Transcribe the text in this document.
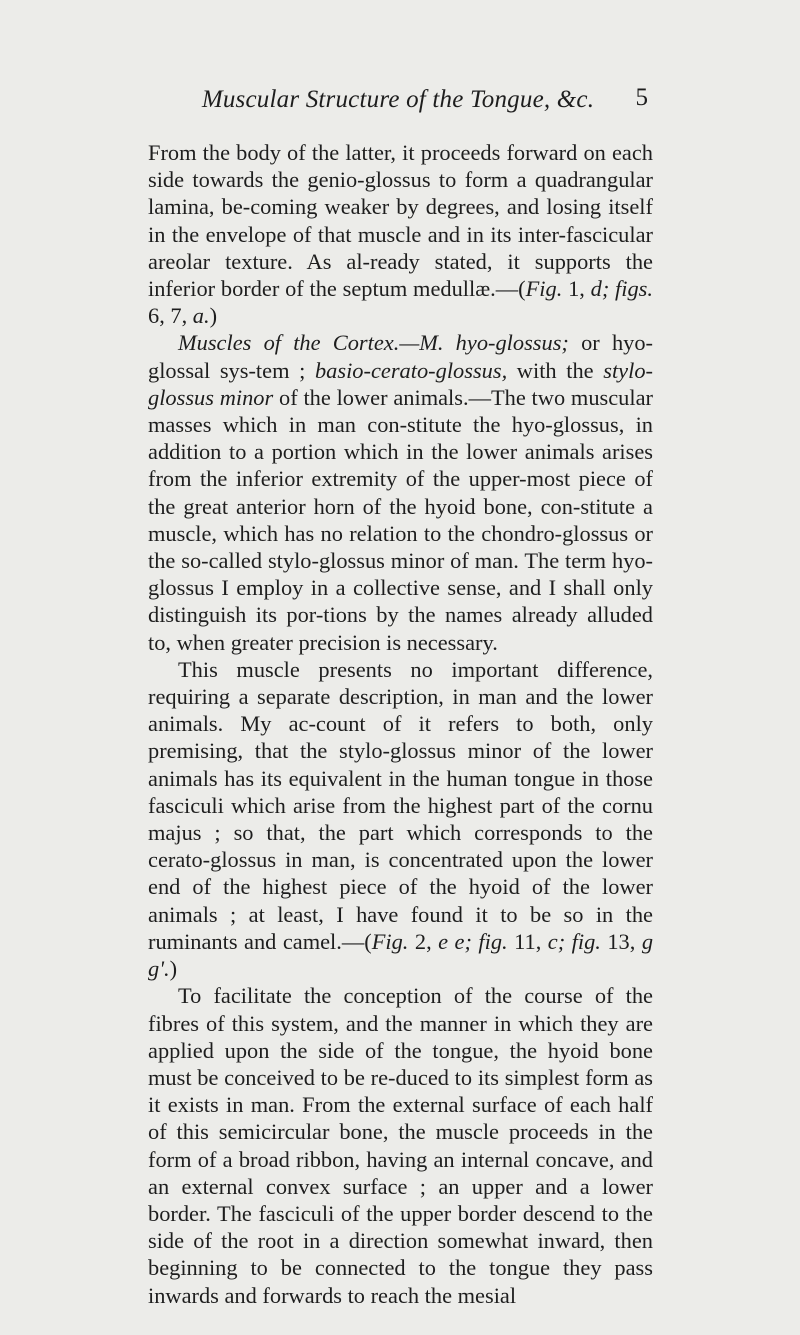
Muscular Structure of the Tongue, &c.	5

From the body of the latter, it proceeds forward on each side towards the genio-glossus to form a quadrangular lamina, be-coming weaker by degrees, and losing itself in the envelope of that muscle and in its inter-fascicular areolar texture. As al-ready stated, it supports the inferior border of the septum medullæ.—(Fig. 1, d; figs. 6, 7, a.)

Muscles of the Cortex.—M. hyo-glossus; or hyo-glossal sys-tem ; basio-cerato-glossus, with the stylo-glossus minor of the lower animals.—The two muscular masses which in man con-stitute the hyo-glossus, in addition to a portion which in the lower animals arises from the inferior extremity of the upper-most piece of the great anterior horn of the hyoid bone, con-stitute a muscle, which has no relation to the chondro-glossus or the so-called stylo-glossus minor of man. The term hyo-glossus I employ in a collective sense, and I shall only distinguish its por-tions by the names already alluded to, when greater precision is necessary.

This muscle presents no important difference, requiring a separate description, in man and the lower animals. My ac-count of it refers to both, only premising, that the stylo-glossus minor of the lower animals has its equivalent in the human tongue in those fasciculi which arise from the highest part of the cornu majus ; so that, the part which corresponds to the cerato-glossus in man, is concentrated upon the lower end of the highest piece of the hyoid of the lower animals ; at least, I have found it to be so in the ruminants and camel.—(Fig. 2, e e; fig. 11, c; fig. 13, g g'.)

To facilitate the conception of the course of the fibres of this system, and the manner in which they are applied upon the side of the tongue, the hyoid bone must be conceived to be re-duced to its simplest form as it exists in man. From the external surface of each half of this semicircular bone, the muscle proceeds in the form of a broad ribbon, having an internal concave, and an external convex surface ; an upper and a lower border. The fasciculi of the upper border descend to the side of the root in a direction somewhat inward, then beginning to be connected to the tongue they pass inwards and forwards to reach the mesial
